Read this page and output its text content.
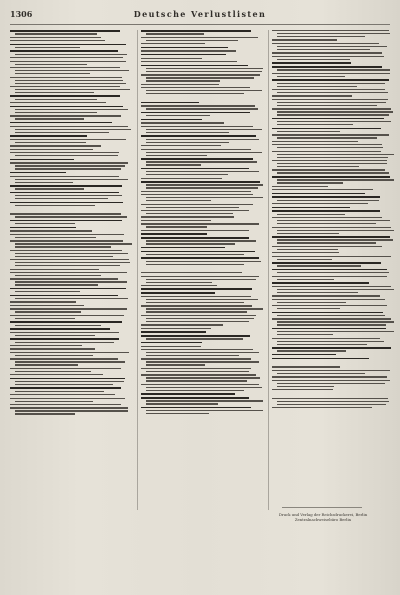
1306	Deutsche Verlustlisten
Druck und Verlag der Reichsdruckerei, Berlin
Zentralnachweisebüro Berlin
